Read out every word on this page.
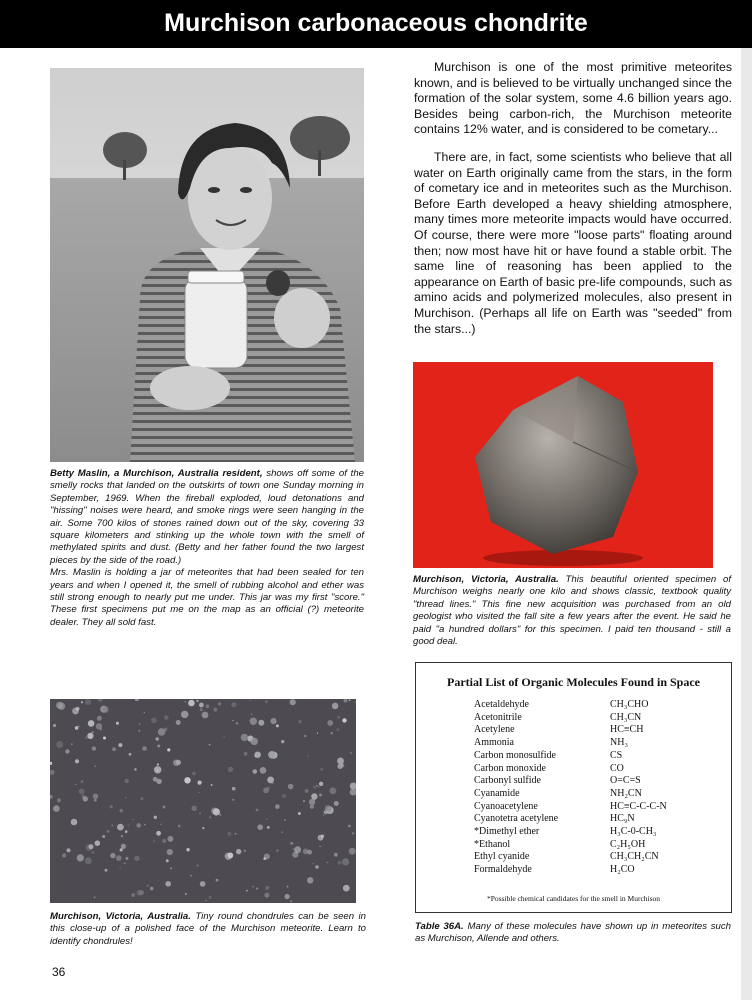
Murchison carbonaceous chondrite
Betty Maslin, a Murchison, Australia resident, shows off some of the smelly rocks that landed on the outskirts of town one Sunday morning in September, 1969. When the fireball exploded, loud detonations and "hissing" noises were heard, and smoke rings were seen hanging in the air. Some 700 kilos of stones rained down out of the sky, covering 33 square kilometers and stinking up the whole town with the smell of methylated spirits and dust. (Betty and her father found the two largest pieces by the side of the road.)
Mrs. Maslin is holding a jar of meteorites that had been sealed for ten years and when I opened it, the smell of rubbing alcohol and ether was still strong enough to nearly put me under. This jar was my first "score." These first specimens put me on the map as an official (?) meteorite dealer. They all sold fast.

Murchison is one of the most primitive meteorites known, and is believed to be virtually unchanged since the formation of the solar system, some 4.6 billion years ago. Besides being carbon-rich, the Murchison meteorite contains 12% water, and is considered to be cometary...

There are, in fact, some scientists who believe that all water on Earth originally came from the stars, in the form of cometary ice and in meteorites such as the Murchison. Before Earth developed a heavy shielding atmosphere, many times more meteorite impacts would have occurred. Of course, there were more "loose parts" floating around then; now most have hit or have found a stable orbit. The same line of reasoning has been applied to the appearance on Earth of basic pre-life compounds, such as amino acids and polymerized molecules, also present in Murchison. (Perhaps all life on Earth was "seeded" from the stars...)

Murchison, Victoria, Australia. This beautiful oriented specimen of Murchison weighs nearly one kilo and shows classic, textbook quality "thread lines." This fine new acquisition was purchased from an old geologist who visited the fall site a few years after the event. He said he paid "a hundred dollars" for this specimen. I paid ten thousand - still a good deal.
Murchison, Victoria, Australia. Tiny round chondrules can be seen in this close-up of a polished face of the Murchison meteorite. Learn to identify chondrules!
Partial List of Organic Molecules Found in Space
Acetaldehyde	CH₃CHO
Acetonitrile	CH₃CN
Acetylene	HC≡CH
Ammonia	NH₃
Carbon monosulfide	CS
Carbon monoxide	CO
Carbonyl sulfide	O=C=S
Cyanamide	NH₂CN
Cyanoacetylene	HC≡C-C-C-N
Cyanotetra acetylene	HC₉N
*Dimethyl ether	H₃C-0-CH₃
*Ethanol	C₂H₅OH
Ethyl cyanide	CH₃CH₂CN
Formaldehyde	H₂CO
*Possible chemical candidates for the smell in Murchison
Table 36A. Many of these molecules have shown up in meteorites such as Murchison, Allende and others.
36
